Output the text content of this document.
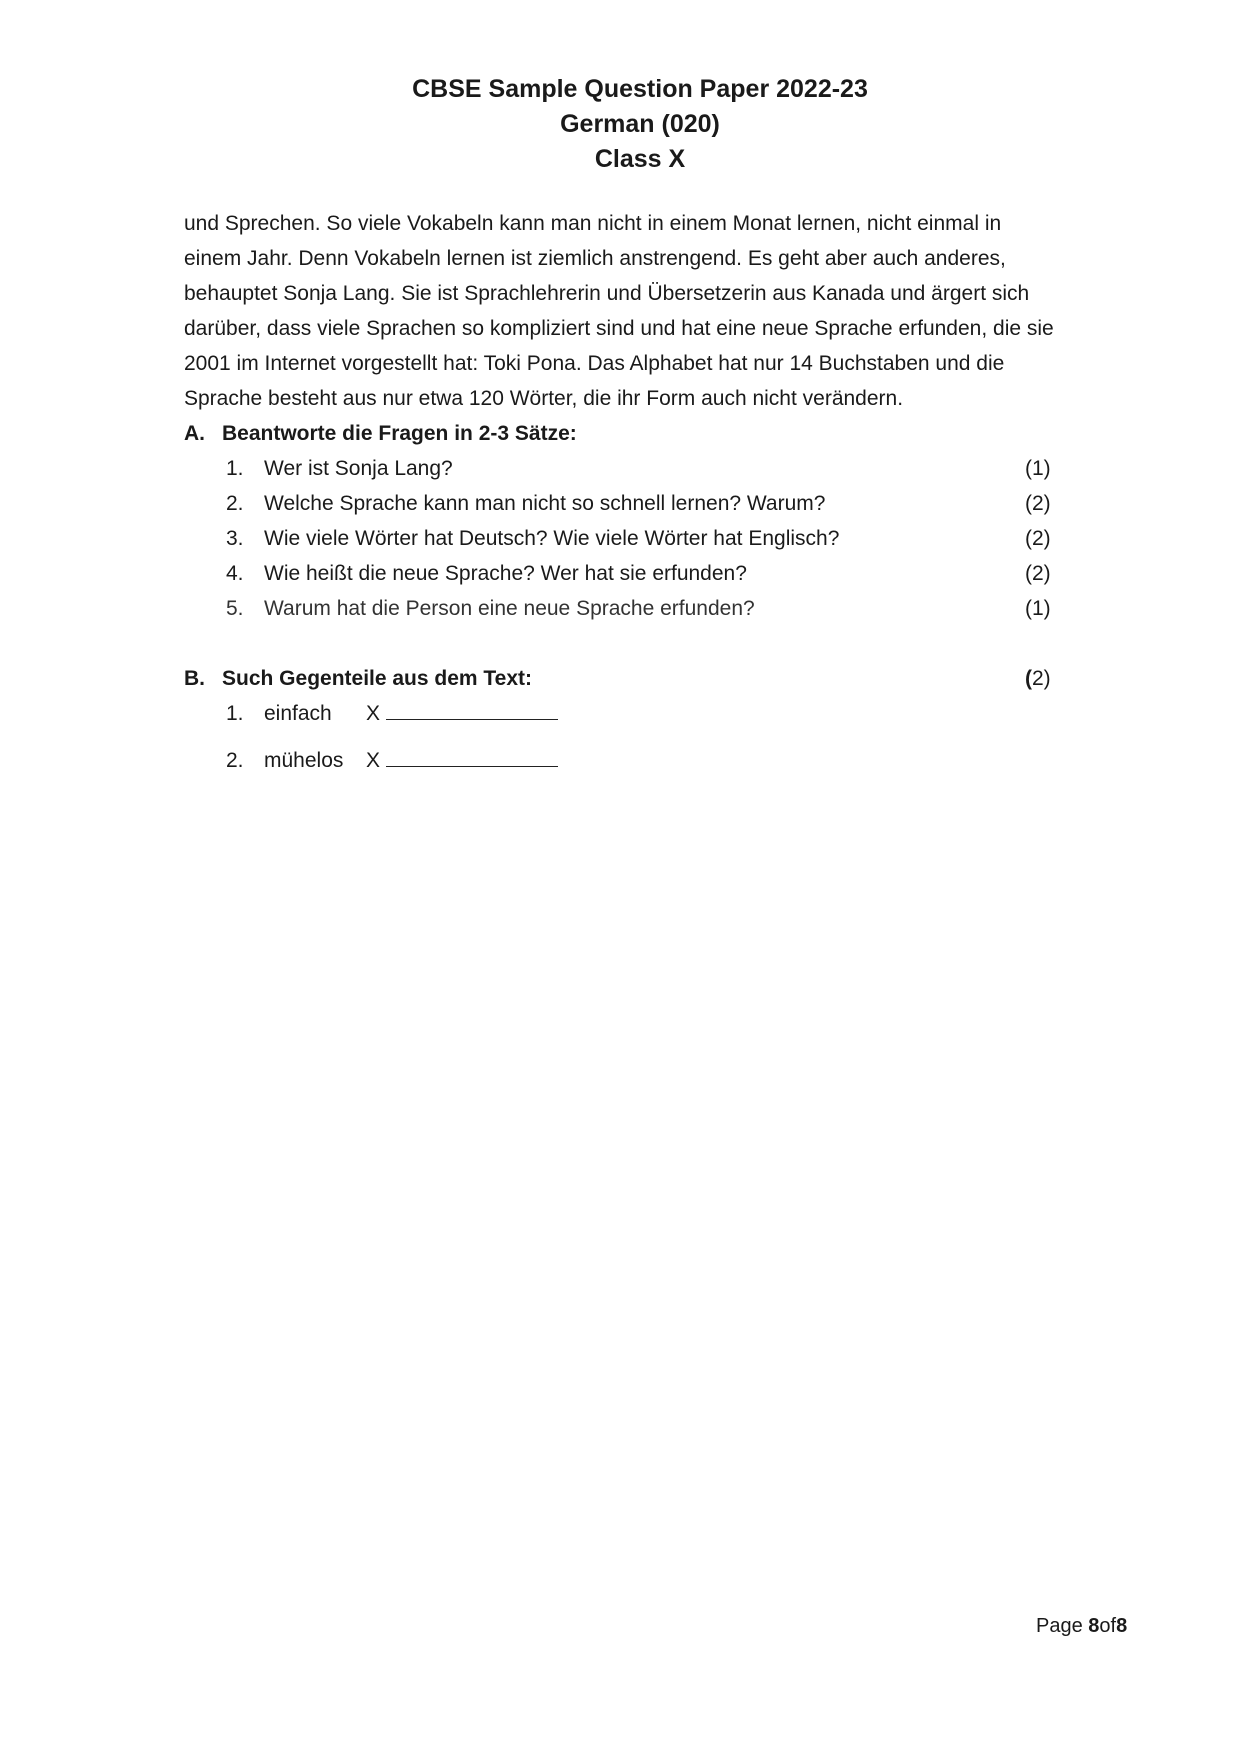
CBSE Sample Question Paper 2022-23
German (020)
Class X
und Sprechen. So viele Vokabeln kann man nicht in einem Monat lernen, nicht einmal in
einem Jahr. Denn Vokabeln lernen ist ziemlich anstrengend. Es geht aber auch anderes,
behauptet Sonja Lang. Sie ist Sprachlehrerin und Übersetzerin aus Kanada und ärgert sich
darüber, dass viele Sprachen so kompliziert sind und hat eine neue Sprache erfunden, die sie
2001 im Internet vorgestellt hat: Toki Pona. Das Alphabet hat nur 14 Buchstaben und die
Sprache besteht aus nur etwa 120 Wörter, die ihr Form auch nicht verändern.
A. Beantworte die Fragen in 2-3 Sätze:
1. Wer ist Sonja Lang?	(1)
2. Welche Sprache kann man nicht so schnell lernen? Warum?	(2)
3. Wie viele Wörter hat Deutsch? Wie viele Wörter hat Englisch?	(2)
4. Wie heißt die neue Sprache? Wer hat sie erfunden?	(2)
5. Warum hat die Person eine neue Sprache erfunden?	(1)
B. Such Gegenteile aus dem Text:	(2)
1. einfach X
2. mühelos X
Page 8of8
